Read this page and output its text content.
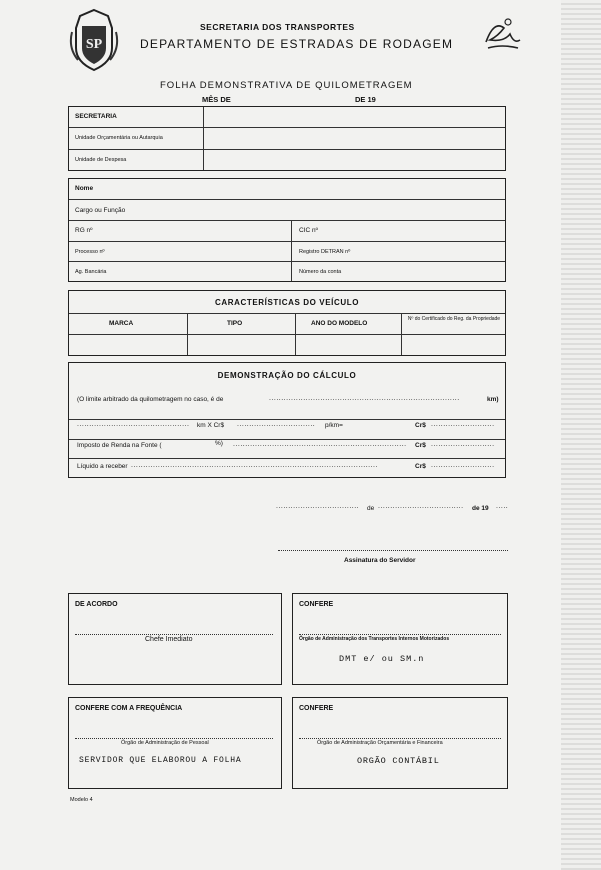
SP
SECRETARIA DOS TRANSPORTES
DEPARTAMENTO DE ESTRADAS DE RODAGEM
FOLHA DEMONSTRATIVA DE QUILOMETRAGEM
MÊS DE	DE 19
SECRETARIA
Unidade Orçamentária ou Autarquia
Unidade de Despesa
Nome
Cargo ou Função
RG nº	CIC nº
Processo nº	Registro DETRAN nº
Ag. Bancária	Número da conta
CARACTERÍSTICAS DO VEÍCULO
MARCA	TIPO	ANO DO MODELO
Nº do Certificado do Reg. da Propriedade
DEMONSTRAÇÃO DO CÁLCULO
(O limite arbitrado da quilometragem no caso, é de	..............................................................................	km)
..............................................	km X Cr$ ................................	p/km=	Cr$ ..........................
Imposto de Renda na Fonte (	%) .......................................................................	Cr$ ..........................
Líquido a receber .....................................................................................................	Cr$ ..........................
..................................	de ...................................	de 19 .....
Assinatura do Servidor
DE ACORDO
Chefe Imediato
CONFERE
Órgão de Administração dos Transportes Internos Motorizados
DMT e/ ou SM.n
CONFERE COM A FREQUÊNCIA
Órgão de Administração de Pessoal
SERVIDOR QUE ELABOROU A FOLHA
CONFERE
Órgão de Administração Orçamentária e Financeira
ORGÃO CONTÁBIL
Modelo 4
